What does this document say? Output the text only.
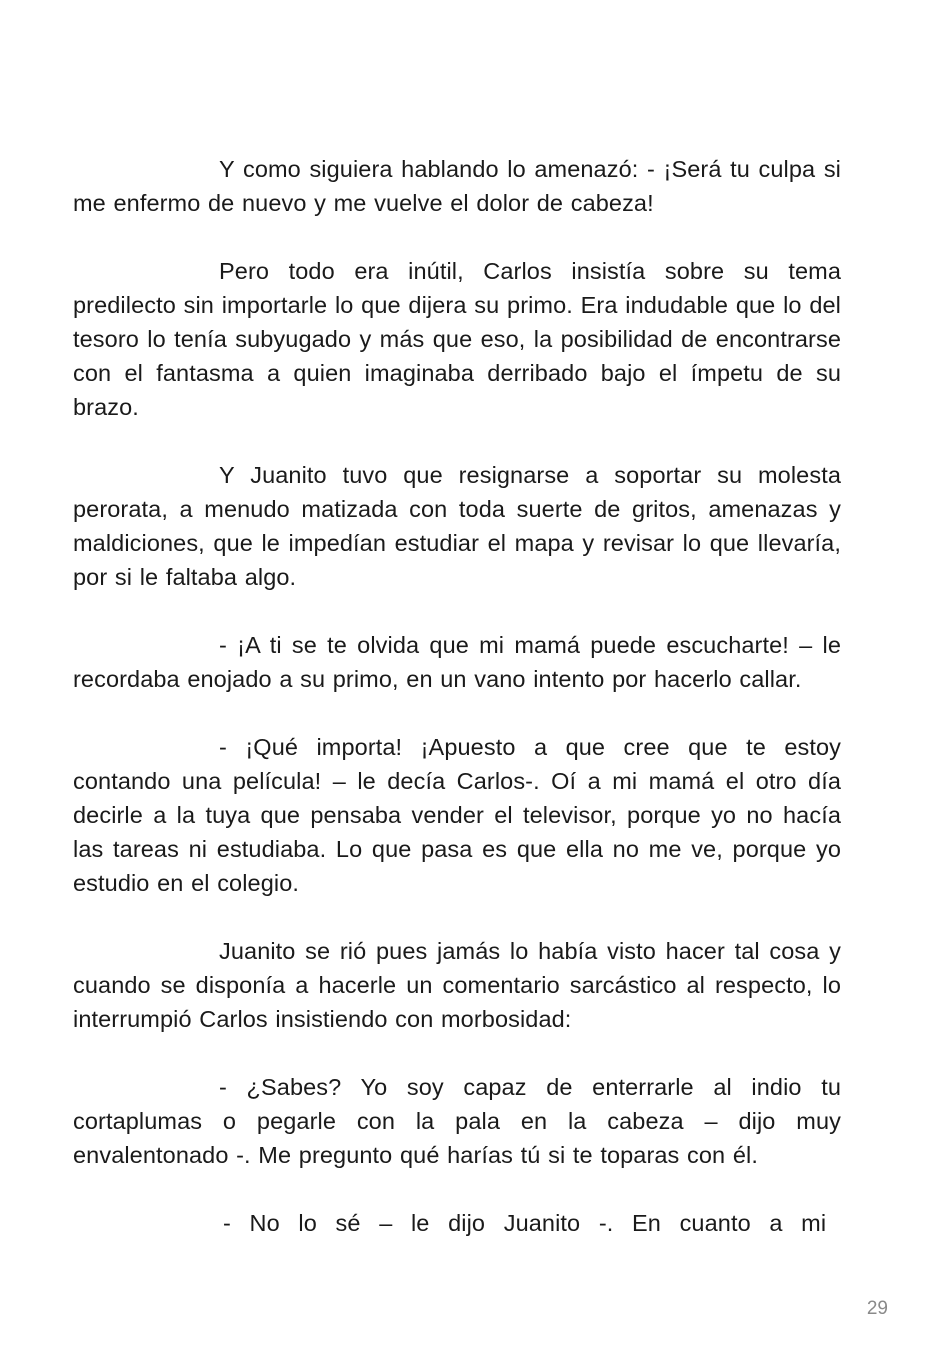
Y como siguiera hablando lo amenazó: - ¡Será tu culpa si me enfermo de nuevo y me vuelve el dolor de cabeza!

Pero todo era inútil, Carlos insistía sobre su tema predilecto sin importarle lo que dijera su primo. Era indudable que lo del tesoro lo tenía subyugado y más que eso, la posibilidad de encontrarse con el fantasma a quien imaginaba derribado bajo el ímpetu de su brazo.

Y Juanito tuvo que resignarse a soportar su molesta perorata, a menudo matizada con toda suerte de gritos, amenazas y maldiciones, que le impedían estudiar el mapa y revisar lo que llevaría, por si le faltaba algo.

- ¡A ti se te olvida que mi mamá puede escucharte! – le recordaba enojado a su primo, en un vano intento por hacerlo callar.

- ¡Qué importa! ¡Apuesto a que cree que te estoy contando una película! – le decía Carlos-. Oí a mi mamá el otro día decirle a la tuya que pensaba vender el televisor, porque yo no hacía las tareas ni estudiaba. Lo que pasa es que ella no me ve, porque yo estudio en el colegio.

Juanito se rió pues jamás lo había visto hacer tal cosa y cuando se disponía a hacerle un comentario sarcástico al respecto, lo interrumpió Carlos insistiendo con morbosidad:

- ¿Sabes? Yo soy capaz de enterrarle al indio tu cortaplumas o pegarle con la pala en la cabeza – dijo muy envalentonado -. Me pregunto qué harías tú si te toparas con él.

- No lo sé – le dijo Juanito -. En cuanto a mi

29
